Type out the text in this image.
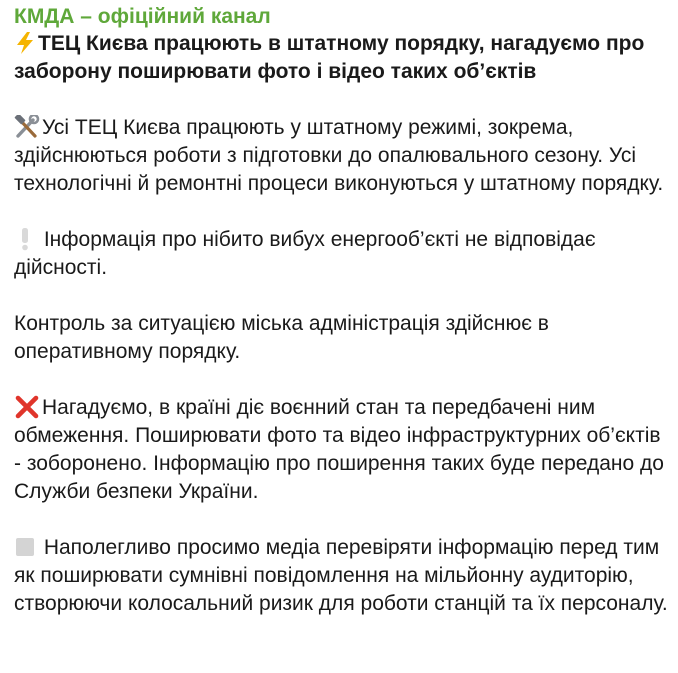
КМДА – офіційний канал
ТЕЦ Києва працюють в штатному порядку, нагадуємо про заборону поширювати фото і відео таких об’єктів
Усі ТЕЦ Києва працюють у штатному режимі, зокрема, здійснюються роботи з підготовки до опалювального сезону. Усі технологічні й ремонтні процеси виконуються у штатному порядку.
Інформація про нібито вибух енергооб’єкті не відповідає дійсності.
Контроль за ситуацією міська адміністрація здійснює в оперативному порядку.
Нагадуємо, в країні діє воєнний стан та передбачені ним обмеження. Поширювати фото та відео інфраструктурних об’єктів - зоборонено. Інформацію про поширення таких буде передано до Служби безпеки України.
Наполегливо просимо медіа перевіряти інформацію перед тим як поширювати сумнівні повідомлення на мільйонну аудиторію, створюючи колосальний ризик для роботи станцій та їх персоналу.
